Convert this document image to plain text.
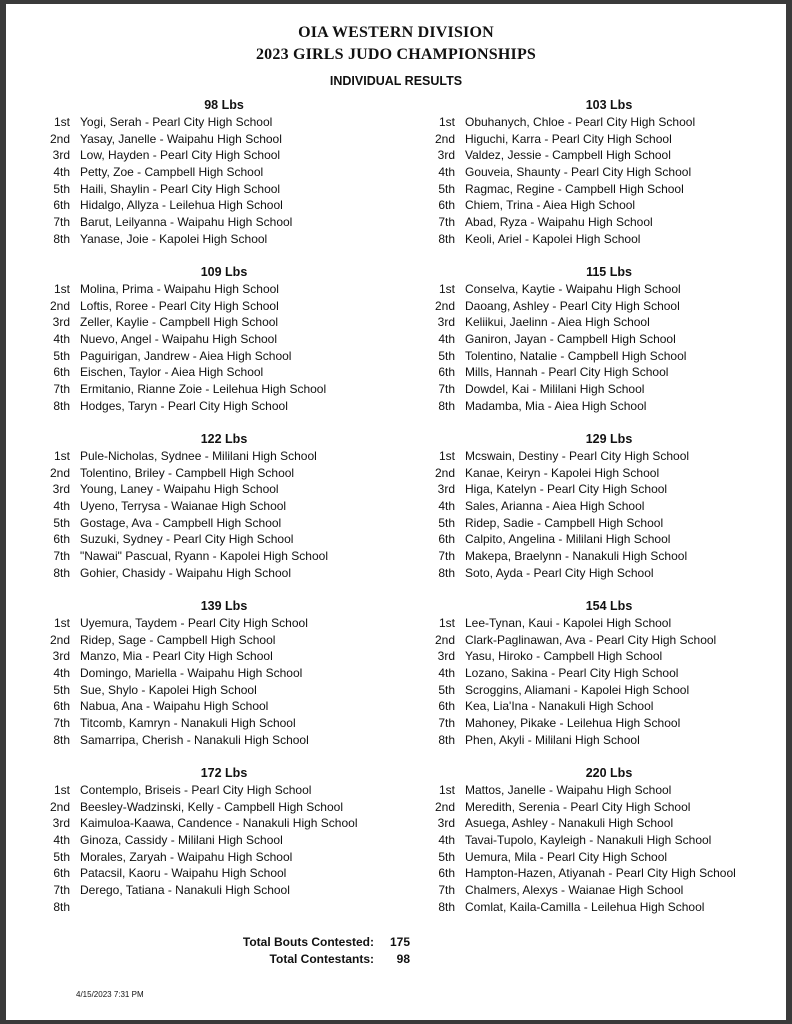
OIA WESTERN DIVISION
2023 GIRLS JUDO CHAMPIONSHIPS
INDIVIDUAL RESULTS
98 Lbs
1st Yogi, Serah - Pearl City High School
2nd Yasay, Janelle - Waipahu High School
3rd Low, Hayden - Pearl City High School
4th Petty, Zoe - Campbell High School
5th Haili, Shaylin - Pearl City High School
6th Hidalgo, Allyza - Leilehua High School
7th Barut, Leilyanna - Waipahu High School
8th Yanase, Joie - Kapolei High School
109 Lbs
1st Molina, Prima - Waipahu High School
2nd Loftis, Roree - Pearl City High School
3rd Zeller, Kaylie - Campbell High School
4th Nuevo, Angel - Waipahu High School
5th Paguirigan, Jandrew - Aiea High School
6th Eischen, Taylor - Aiea High School
7th Ermitanio, Rianne Zoie - Leilehua High School
8th Hodges, Taryn - Pearl City High School
122 Lbs
1st Pule-Nicholas, Sydnee - Mililani High School
2nd Tolentino, Briley - Campbell High School
3rd Young, Laney - Waipahu High School
4th Uyeno, Terrysa - Waianae High School
5th Gostage, Ava - Campbell High School
6th Suzuki, Sydney - Pearl City High School
7th "Nawai" Pascual, Ryann - Kapolei High School
8th Gohier, Chasidy - Waipahu High School
139 Lbs
1st Uyemura, Taydem - Pearl City High School
2nd Ridep, Sage - Campbell High School
3rd Manzo, Mia - Pearl City High School
4th Domingo, Mariella - Waipahu High School
5th Sue, Shylo - Kapolei High School
6th Nabua, Ana - Waipahu High School
7th Titcomb, Kamryn - Nanakuli High School
8th Samarripa, Cherish - Nanakuli High School
172 Lbs
1st Contemplo, Briseis - Pearl City High School
2nd Beesley-Wadzinski, Kelly - Campbell High School
3rd Kaimuloa-Kaawa, Candence - Nanakuli High School
4th Ginoza, Cassidy - Mililani High School
5th Morales, Zaryah - Waipahu High School
6th Patacsil, Kaoru - Waipahu High School
7th Derego, Tatiana - Nanakuli High School
8th
103 Lbs
1st Obuhanych, Chloe - Pearl City High School
2nd Higuchi, Karra - Pearl City High School
3rd Valdez, Jessie - Campbell High School
4th Gouveia, Shaunty - Pearl City High School
5th Ragmac, Regine - Campbell High School
6th Chiem, Trina - Aiea High School
7th Abad, Ryza - Waipahu High School
8th Keoli, Ariel - Kapolei High School
115 Lbs
1st Conselva, Kaytie - Waipahu High School
2nd Daoang, Ashley - Pearl City High School
3rd Keliikui, Jaelinn - Aiea High School
4th Ganiron, Jayan - Campbell High School
5th Tolentino, Natalie - Campbell High School
6th Mills, Hannah - Pearl City High School
7th Dowdel, Kai - Mililani High School
8th Madamba, Mia - Aiea High School
129 Lbs
1st Mcswain, Destiny - Pearl City High School
2nd Kanae, Keiryn - Kapolei High School
3rd Higa, Katelyn - Pearl City High School
4th Sales, Arianna - Aiea High School
5th Ridep, Sadie - Campbell High School
6th Calpito, Angelina - Mililani High School
7th Makepa, Braelynn - Nanakuli High School
8th Soto, Ayda - Pearl City High School
154 Lbs
1st Lee-Tynan, Kaui - Kapolei High School
2nd Clark-Paglinawan, Ava - Pearl City High School
3rd Yasu, Hiroko - Campbell High School
4th Lozano, Sakina - Pearl City High School
5th Scroggins, Aliamani - Kapolei High School
6th Kea, Lia'Ina - Nanakuli High School
7th Mahoney, Pikake - Leilehua High School
8th Phen, Akyli - Mililani High School
220 Lbs
1st Mattos, Janelle - Waipahu High School
2nd Meredith, Serenia - Pearl City High School
3rd Asuega, Ashley - Nanakuli High School
4th Tavai-Tupolo, Kayleigh - Nanakuli High School
5th Uemura, Mila - Pearl City High School
6th Hampton-Hazen, Atiyanah - Pearl City High School
7th Chalmers, Alexys - Waianae High School
8th Comlat, Kaila-Camilla - Leilehua High School
Total Bouts Contested:	175
Total Contestants:	98
4/15/2023 7:31 PM
